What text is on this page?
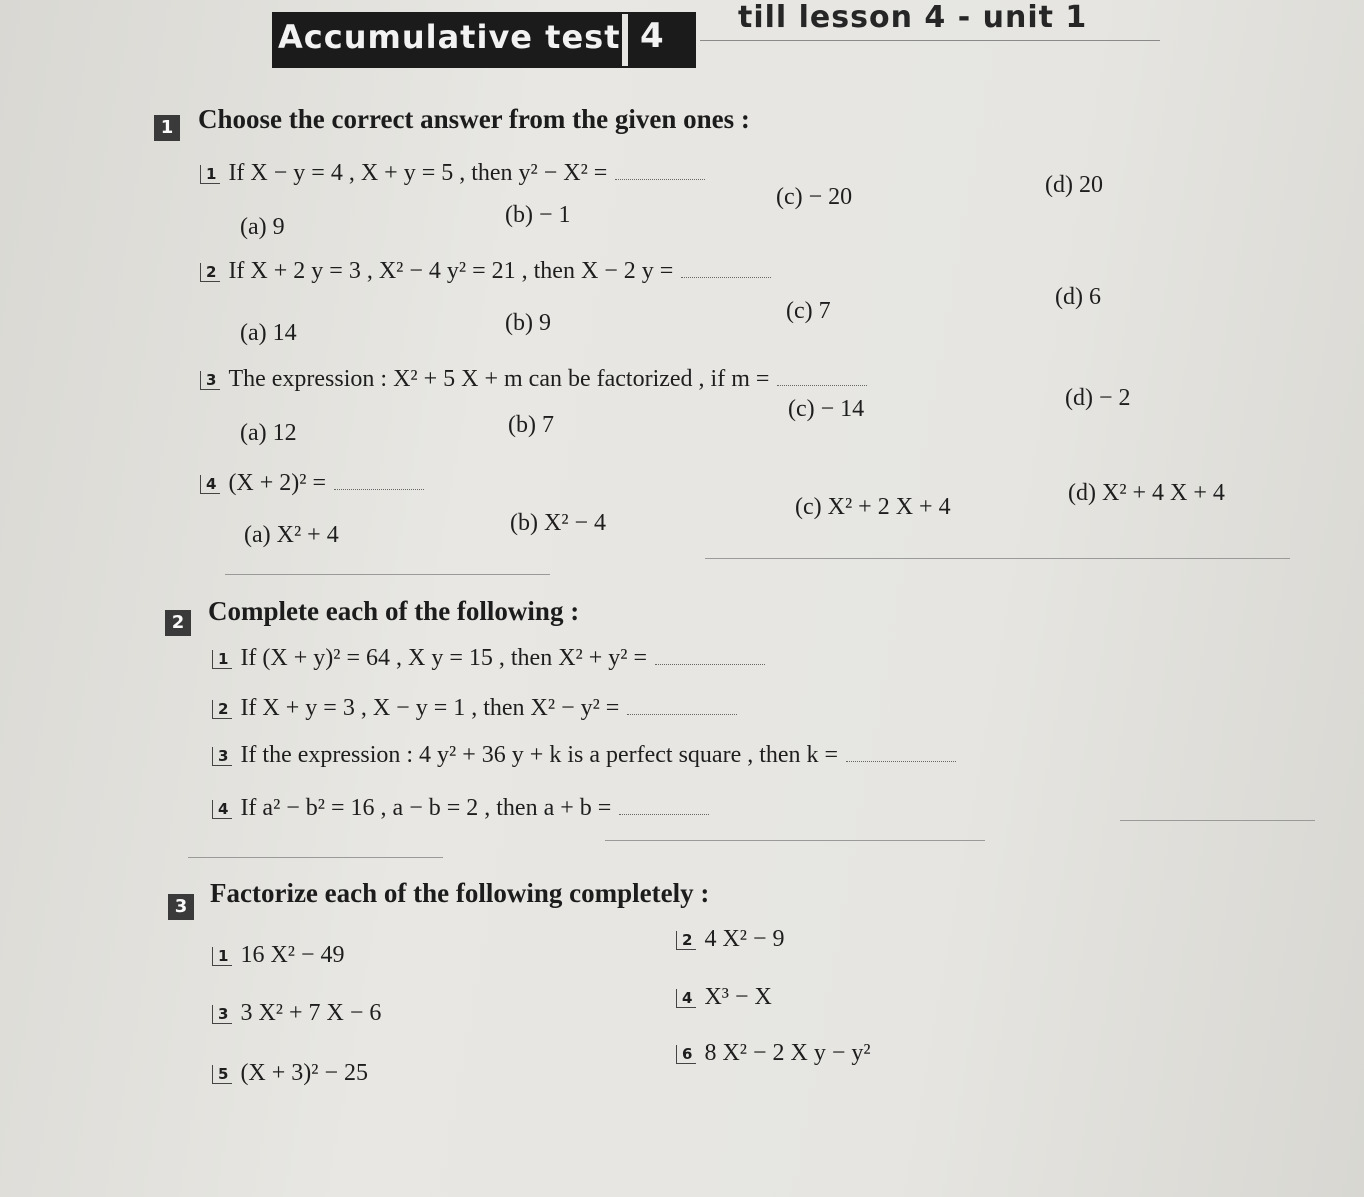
Accumulative test 4 till lesson 4 - unit 1
1 Choose the correct answer from the given ones :
1 If X − y = 4 , X + y = 5 , then y² − X² =
(a) 9	(b) − 1
(c) − 20	(d) 20
2 If X + 2 y = 3 , X² − 4 y² = 21 , then X − 2 y =
(a) 14	(b) 9	(c) 7
(d) 6
3 The expression : X² + 5 X + m can be factorized , if m =
(a) 12	(b) 7
(c) − 14	(d) − 2
4 (X + 2)² =
(a) X² + 4	(b) X² − 4
(c) X² + 2 X + 4
(d) X² + 4 X + 4
2 Complete each of the following :
1 If (X + y)² = 64 , X y = 15 , then X² + y² =
2 If X + y = 3 , X − y = 1 , then X² − y² =
3 If the expression : 4 y² + 36 y + k is a perfect square , then k =
4 If a² − b² = 16 , a − b = 2 , then a + b =
3 Factorize each of the following completely :
1 16 X² − 49
2 4 X² − 9
3 3 X² + 7 X − 6
4 X³ − X
5 (X + 3)² − 25
6 8 X² − 2 X y − y²
